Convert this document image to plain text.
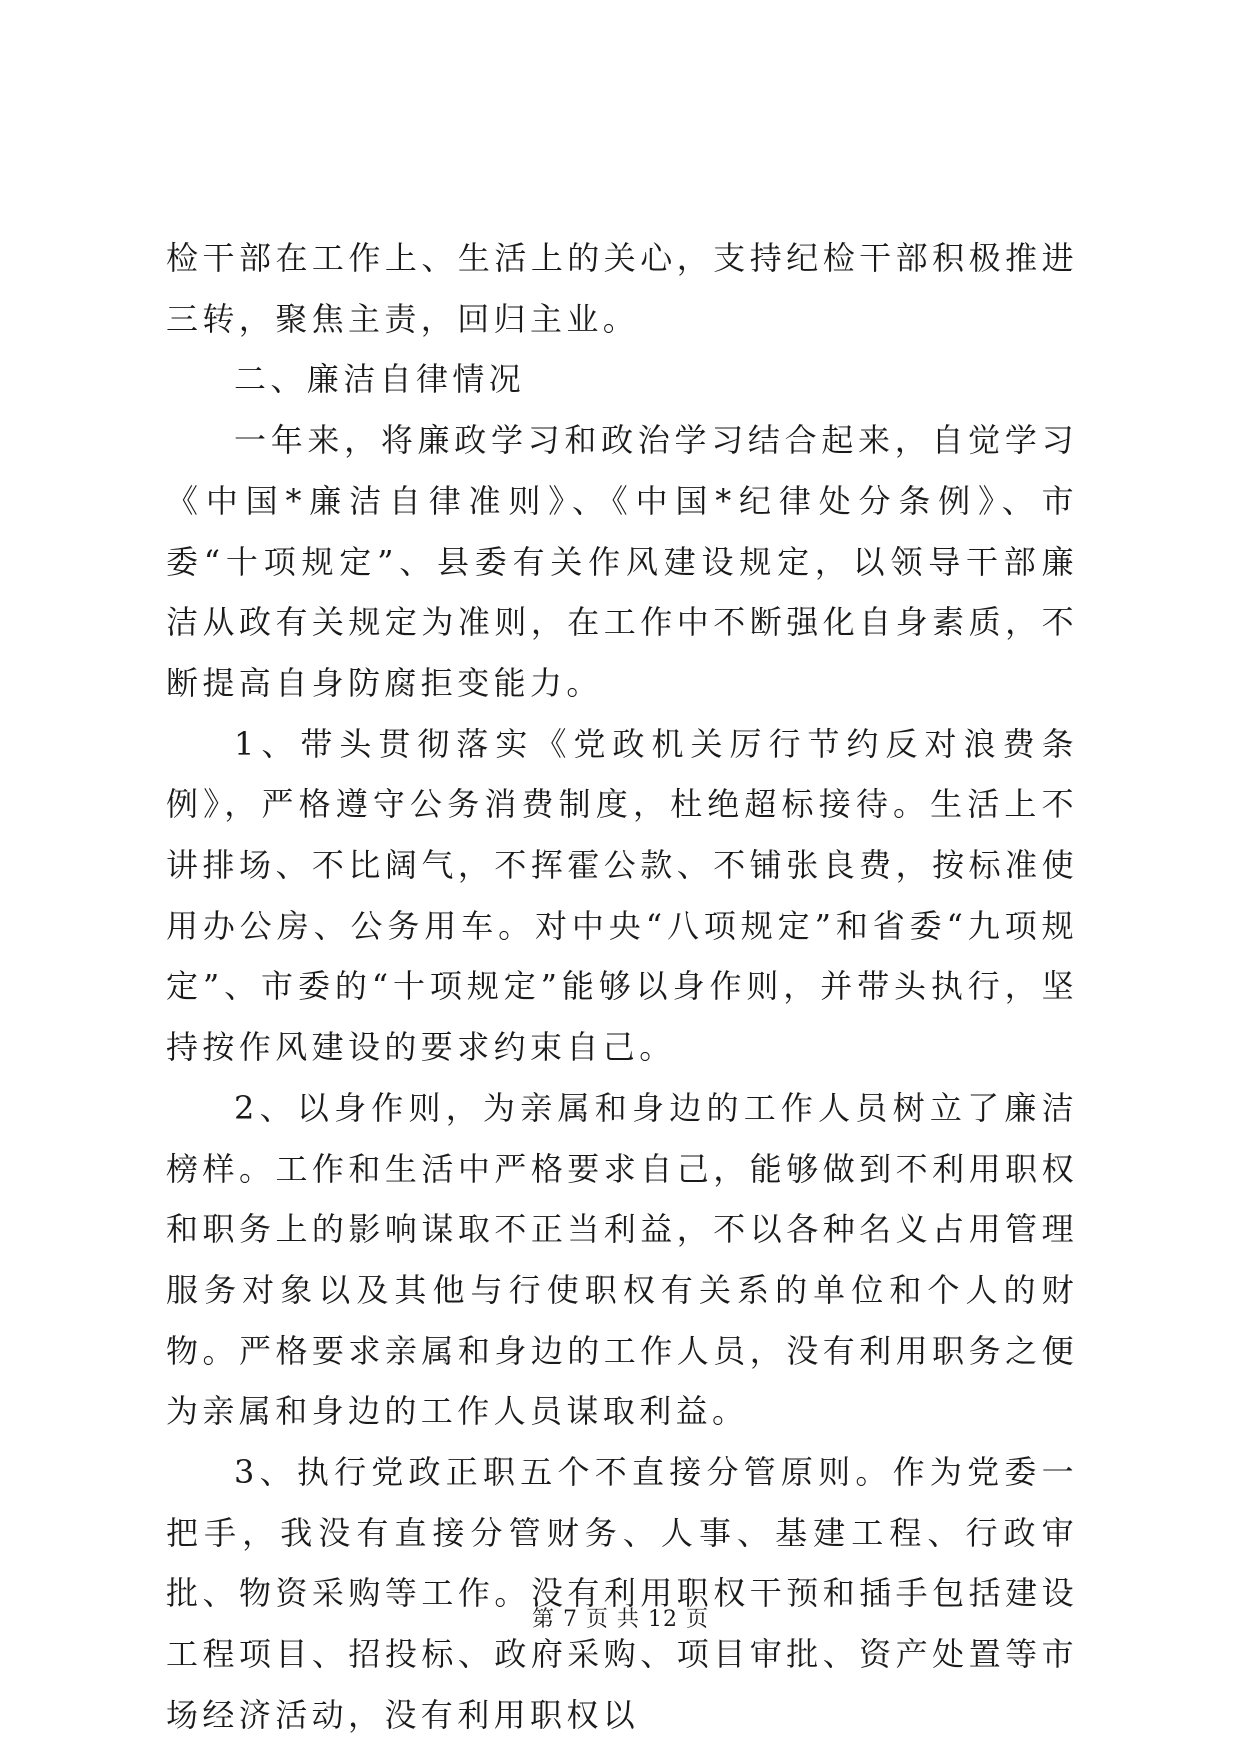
检干部在工作上、生活上的关心，支持纪检干部积极推进三转，聚焦主责，回归主业。

二、廉洁自律情况

一年来，将廉政学习和政治学习结合起来，自觉学习《中国*廉洁自律准则》、《中国*纪律处分条例》、市委“十项规定”、县委有关作风建设规定，以领导干部廉洁从政有关规定为准则，在工作中不断强化自身素质，不断提高自身防腐拒变能力。

1、带头贯彻落实《党政机关厉行节约反对浪费条例》，严格遵守公务消费制度，杜绝超标接待。生活上不讲排场、不比阔气，不挥霍公款、不铺张良费，按标准使用办公房、公务用车。对中央“八项规定”和省委“九项规定”、市委的“十项规定”能够以身作则，并带头执行，坚持按作风建设的要求约束自己。

2、以身作则，为亲属和身边的工作人员树立了廉洁榜样。工作和生活中严格要求自己，能够做到不利用职权和职务上的影响谋取不正当利益，不以各种名义占用管理服务对象以及其他与行使职权有关系的单位和个人的财物。严格要求亲属和身边的工作人员，没有利用职务之便为亲属和身边的工作人员谋取利益。

3、执行党政正职五个不直接分管原则。作为党委一把手，我没有直接分管财务、人事、基建工程、行政审批、物资采购等工作。没有利用职权干预和插手包括建设工程项目、招投标、政府采购、项目审批、资产处置等市场经济活动，没有利用职权以

第 7 页 共 12 页
